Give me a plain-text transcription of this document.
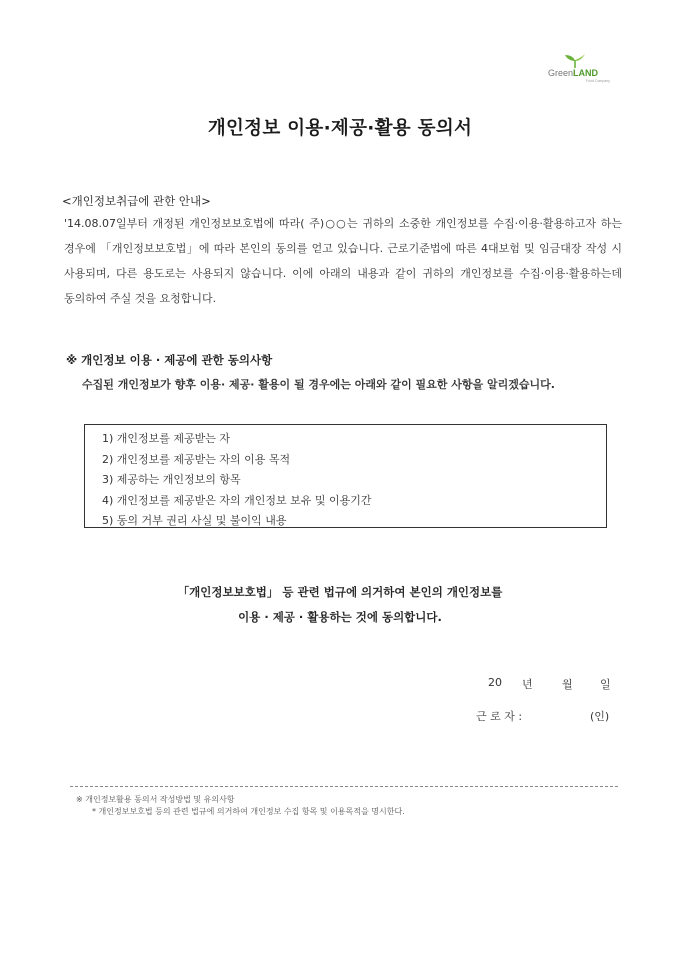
GreenLAND
Food Company
개인정보 이용·제공·활용 동의서
<개인정보취급에 관한 안내>
'14.08.07일부터 개정된 개인정보보호법에 따라( 주)○○는 귀하의 소중한 개인정보를 수집·이용·활용하고자 하는 경우에 「개인정보보호법」에 따라 본인의 동의를 얻고 있습니다. 근로기준법에 따른 4대보험 및 임금대장 작성 시 사용되며, 다른 용도로는 사용되지 않습니다. 이에 아래의 내용과 같이 귀하의 개인정보를 수집·이용·활용하는데 동의하여 주실 것을 요청합니다.
※ 개인정보 이용 · 제공에 관한 동의사항
수집된 개인정보가 향후 이용· 제공· 활용이 될 경우에는 아래와 같이 필요한 사항을 알리겠습니다.
1) 개인정보를 제공받는 자
2) 개인정보를 제공받는 자의 이용 목적
3) 제공하는 개인정보의 항목
4) 개인정보를 제공받은 자의 개인정보 보유 및 이용기간
5) 동의 거부 권리 사실 및 불이익 내용
「개인정보보호법」 등 관련 법규에 의거하여 본인의 개인정보를
이용 · 제공 · 활용하는 것에 동의합니다.
20 년	월 일
근 로 자 :	(인)
※ 개인정보활용 동의서 작성방법 및 유의사항
* 개인정보보호법 등의 관련 법규에 의거하여 개인정보 수집 항목 및 이용목적을 명시한다.
